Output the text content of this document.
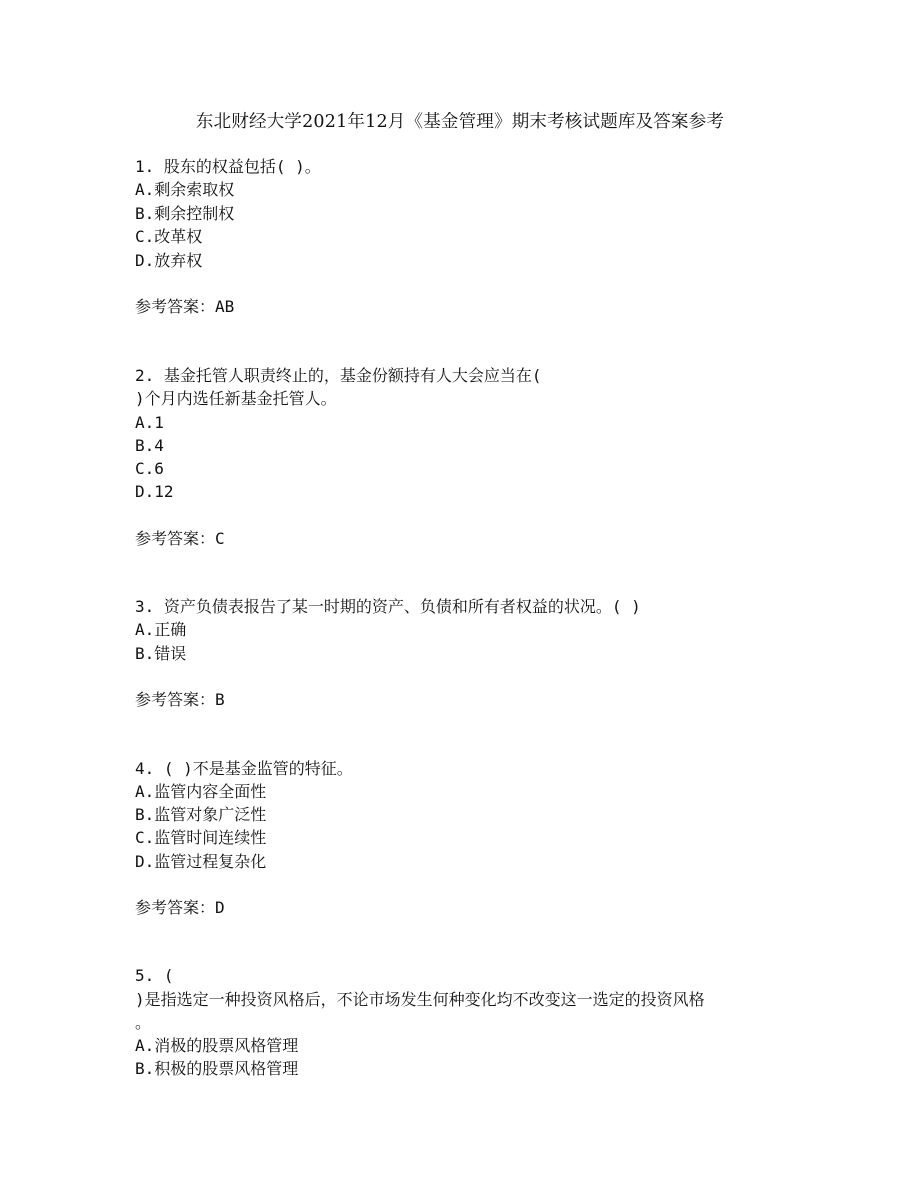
东北财经大学2021年12月《基金管理》期末考核试题库及答案参考
1. 股东的权益包括( )。
A.剩余索取权
B.剩余控制权
C.改革权
D.放弃权
参考答案：AB
2. 基金托管人职责终止的，基金份额持有人大会应当在(
)个月内选任新基金托管人。
A.1
B.4
C.6
D.12
参考答案：C
3. 资产负债表报告了某一时期的资产、负债和所有者权益的状况。( )
A.正确
B.错误
参考答案：B
4. ( )不是基金监管的特征。
A.监管内容全面性
B.监管对象广泛性
C.监管时间连续性
D.监管过程复杂化
参考答案：D
5. (
)是指选定一种投资风格后，不论市场发生何种变化均不改变这一选定的投资风格
。
A.消极的股票风格管理
B.积极的股票风格管理
